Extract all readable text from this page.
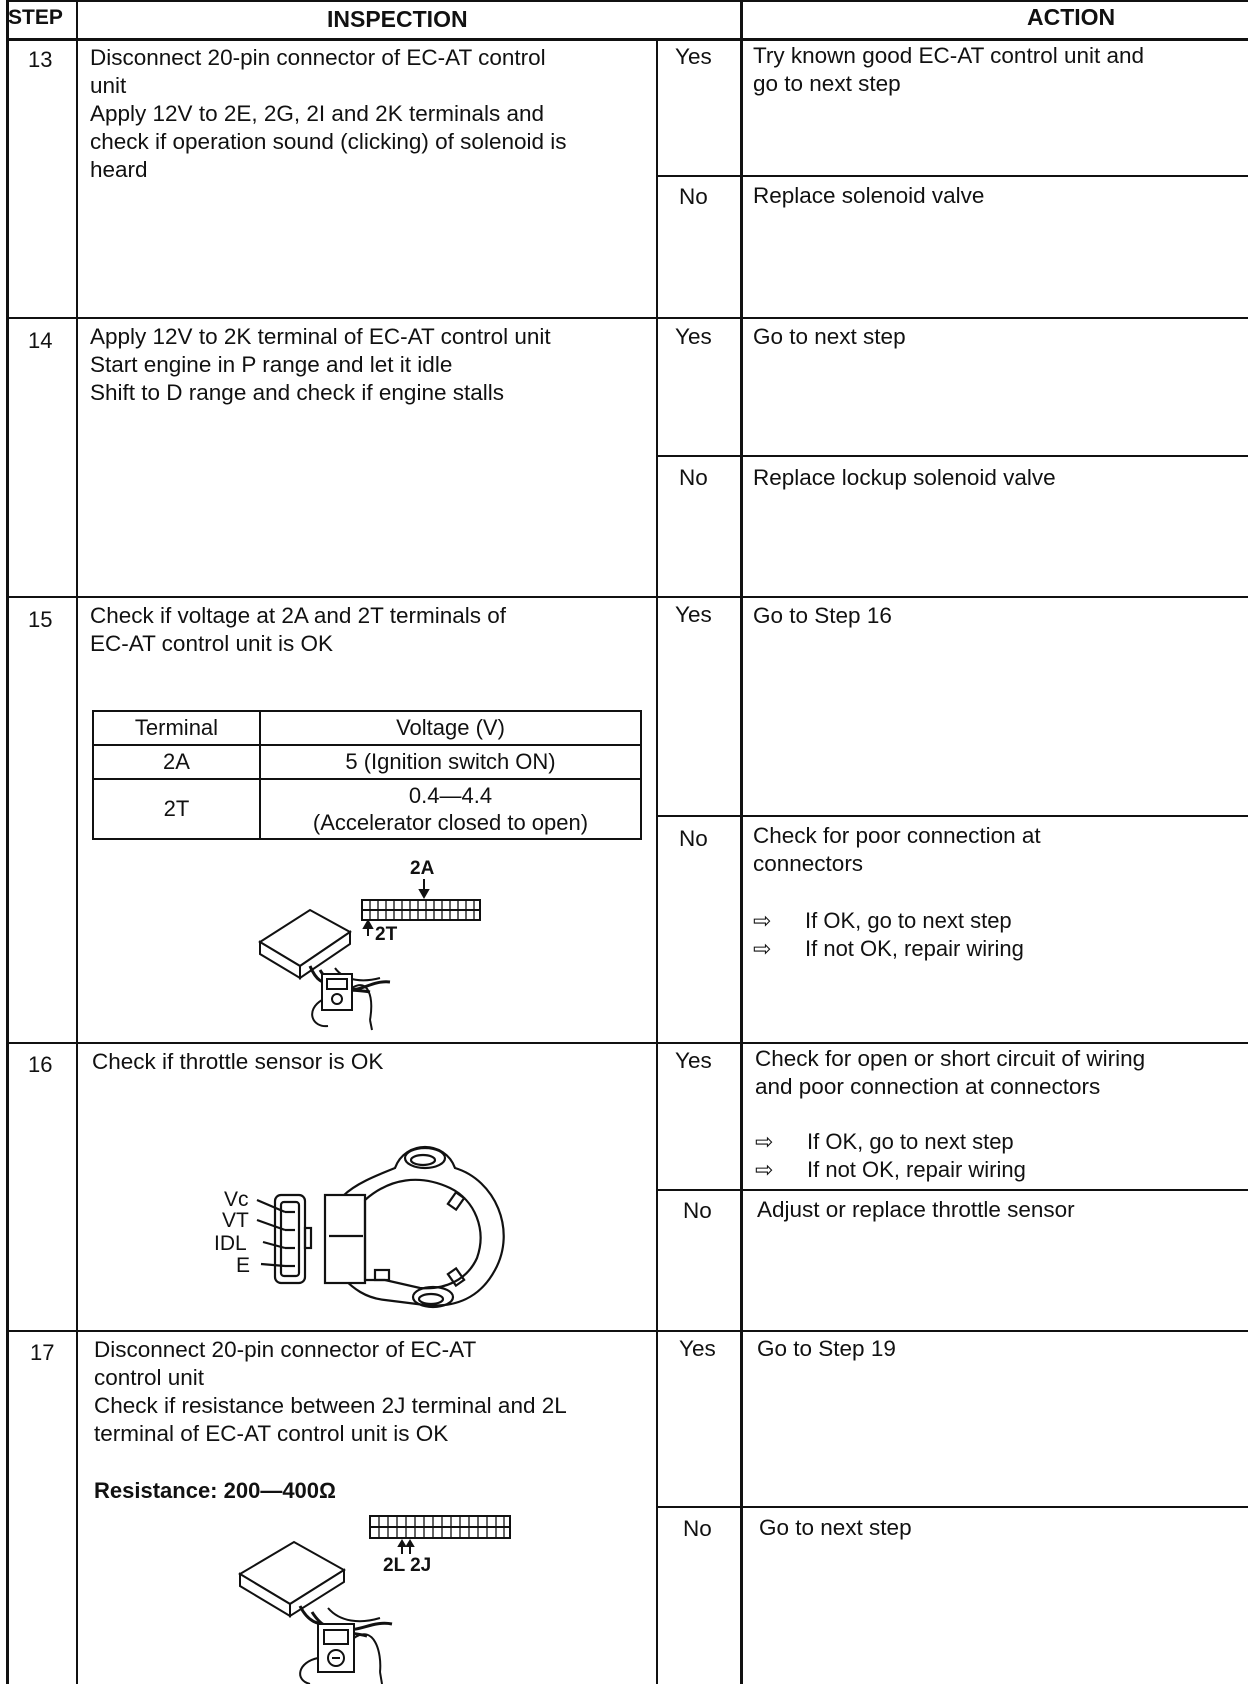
STEP	INSPECTION	ACTION
13 Disconnect 20-pin connector of EC-AT control
unit
Apply 12V to 2E, 2G, 2I and 2K terminals and
check if operation sound (clicking) of solenoid is
heard
Yes Try known good EC-AT control unit and
go to next step
No Replace solenoid valve
14 Apply 12V to 2K terminal of EC-AT control unit
Start engine in P range and let it idle
Shift to D range and check if engine stalls
Yes Go to next step
No Replace lockup solenoid valve
15 Check if voltage at 2A and 2T terminals of
EC-AT control unit is OK
Terminal	Voltage (V)
2A	5 (Ignition switch ON)
2T	0.4—4.4
(Accelerator closed to open)
2A
2T
Yes Go to Step 16
No Check for poor connection at
connectors
⇨ If OK, go to next step
⇨ If not OK, repair wiring
16 Check if throttle sensor is OK
Vc
VT
IDL
E
Yes Check for open or short circuit of wiring
and poor connection at connectors
⇨ If OK, go to next step
⇨ If not OK, repair wiring
No Adjust or replace throttle sensor
17 Disconnect 20-pin connector of EC-AT
control unit
Check if resistance between 2J terminal and 2L
terminal of EC-AT control unit is OK
Resistance: 200—400Ω
2L 2J
Yes Go to Step 19
No Go to next step
